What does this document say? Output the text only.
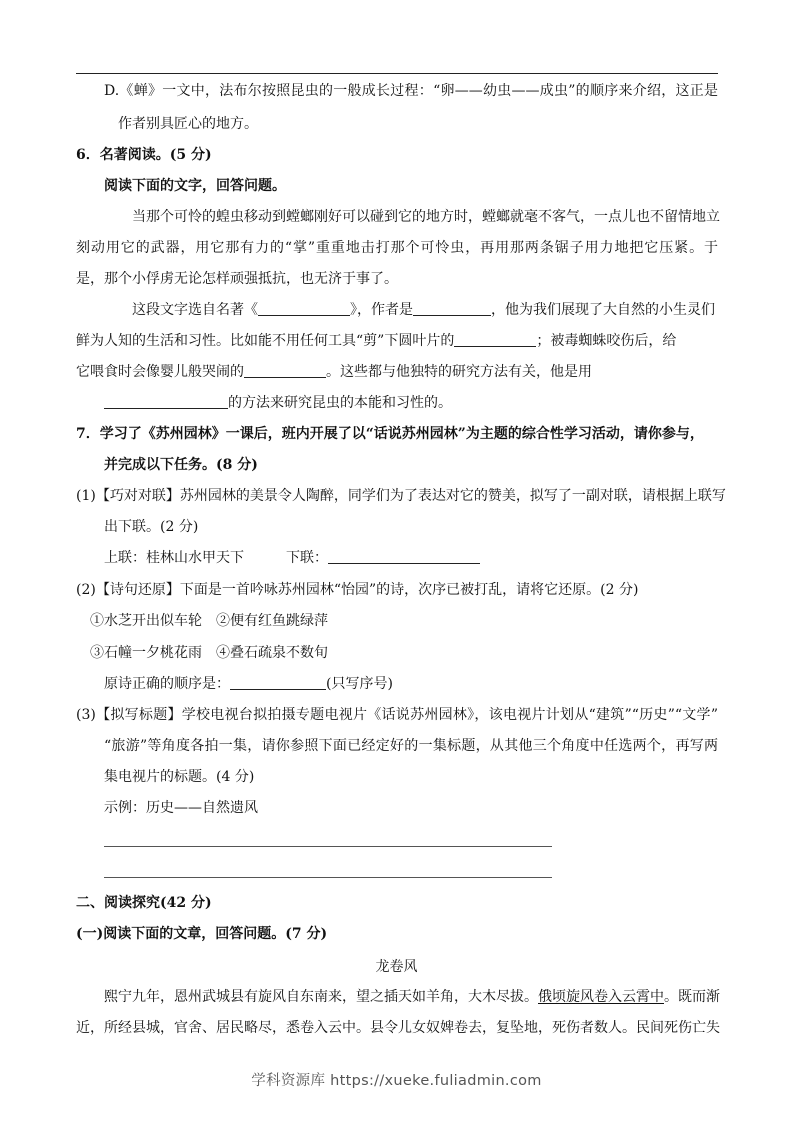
D.《蝉》一文中，法布尔按照昆虫的一般成长过程：“卵——幼虫——成虫”的顺序来介绍，这正是
作者别具匠心的地方。
6．名著阅读。(5 分)
阅读下面的文字，回答问题。
当那个可怜的蝗虫移动到螳螂刚好可以碰到它的地方时，螳螂就毫不客气，一点儿也不留情地立
刻动用它的武器，用它那有力的“掌”重重地击打那个可怜虫，再用那两条锯子用力地把它压紧。于
是，那个小俘虏无论怎样顽强抵抗，也无济于事了。
这段文字选自名著《	》，作者是	，他为我们展现了大自然的小生灵们
鲜为人知的生活和习性。比如能不用任何工具“剪”下圆叶片的	；被毒蜘蛛咬伤后，给
它喂食时会像婴儿般哭闹的	。这些都与他独特的研究方法有关，他是用
的方法来研究昆虫的本能和习性的。
7．学习了《苏州园林》一课后，班内开展了以“话说苏州园林”为主题的综合性学习活动，请你参与，
并完成以下任务。(8 分)
(1)【巧对对联】苏州园林的美景令人陶醉，同学们为了表达对它的赞美，拟写了一副对联，请根据上联写
出下联。(2 分)
上联：桂林山水甲天下	下联：
(2)【诗句还原】下面是一首吟咏苏州园林“怡园”的诗，次序已被打乱，请将它还原。(2 分)
①水芝开出似车轮　②便有红鱼跳绿萍
③石幢一夕桃花雨　④叠石疏泉不数旬
原诗正确的顺序是：	(只写序号)
(3)【拟写标题】学校电视台拟拍摄专题电视片《话说苏州园林》，该电视片计划从“建筑”“历史”“文学”
“旅游”等角度各拍一集，请你参照下面已经定好的一集标题，从其他三个角度中任选两个，再写两
集电视片的标题。(4 分)
示例：历史——自然遗风
二、阅读探究(42 分)
(一)阅读下面的文章，回答问题。(7 分)
龙卷风
熙宁九年，恩州武城县有旋风自东南来，望之插天如羊角，大木尽拔。俄顷旋风卷入云霄中。既而渐
近，所经县城，官舍、居民略尽，悉卷入云中。县令儿女奴婢卷去，复坠地，死伤者数人。民间死伤亡失
学科资源库 https://xueke.fuliadmin.com
